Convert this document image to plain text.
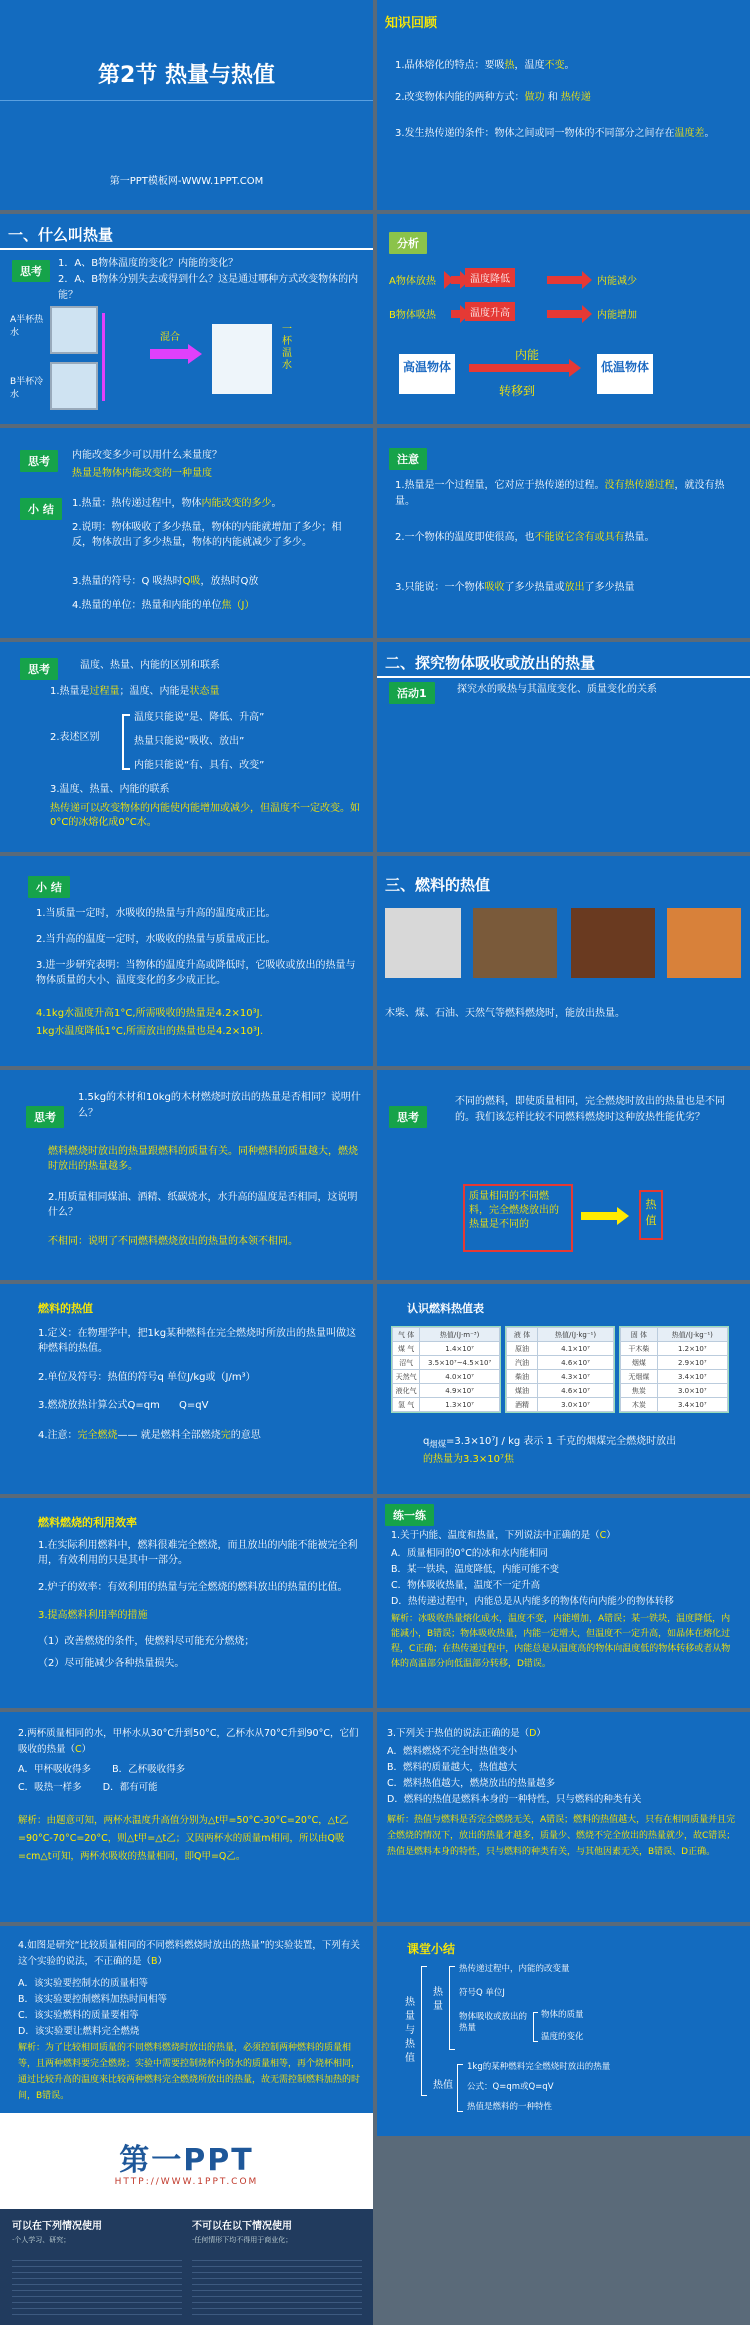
第2节 热量与热值
第一PPT模板网-WWW.1PPT.COM
知识回顾
1.晶体熔化的特点：要吸热，温度不变。
2.改变物体内能的两种方式：做功 和 热传递
3.发生热传递的条件：物体之间或同一物体的不同部分之间存在温度差。
一、什么叫热量
思考
1．A、B物体温度的变化？内能的变化？
2．A、B物体分别失去或得到什么？这是通过哪种方式改变物体的内能？
A半杯热水
B半杯冷水
混合
一杯温水
分析
A物体放热	温度降低	内能减少
B物体吸热	温度升高	内能增加
高温物体
内能
转移到
低温物体
思考	内能改变多少可以用什么来量度？
热量是物体内能改变的一种量度
小 结	1.热量：热传递过程中，物体内能改变的多少。
2.说明：物体吸收了多少热量，物体的内能就增加了多少；相反，物体放出了多少热量，物体的内能就减少了多少。
3.热量的符号：Q 吸热时Q吸，放热时Q放
4.热量的单位：热量和内能的单位焦（J）
注意
1.热量是一个过程量，它对应于热传递的过程。没有热传递过程，就没有热量。
2.一个物体的温度即使很高，也不能说它含有或具有热量。
3.只能说：一个物体吸收了多少热量或放出了多少热量
思考	温度、热量、内能的区别和联系
1.热量是过程量；温度、内能是状态量
2.表述区别
温度只能说“是、降低、升高”
热量只能说“吸收、放出”
内能只能说“有、具有、改变”
3.温度、热量、内能的联系
热传递可以改变物体的内能使内能增加或减少，但温度不一定改变。如0°C的冰熔化成0°C水。
二、探究物体吸收或放出的热量
活动1	探究水的吸热与其温度变化、质量变化的关系
小 结
1.当质量一定时，水吸收的热量与升高的温度成正比。
2.当升高的温度一定时，水吸收的热量与质量成正比。
3.进一步研究表明：当物体的温度升高或降低时，它吸收或放出的热量与物体质量的大小、温度变化的多少成正比。
4.1kg水温度升高1°C,所需吸收的热量是4.2×10³J.
1kg水温度降低1°C,所需放出的热量也是4.2×10³J.
三、燃料的热值
木柴、煤、石油、天然气等燃料燃烧时，能放出热量。
思考
1.5kg的木材和10kg的木材燃烧时放出的热量是否相同？说明什么？
燃料燃烧时放出的热量跟燃料的质量有关。同种燃料的质量越大，燃烧时放出的热量越多。
2.用质量相同煤油、酒精、纸碳烧水，水升高的温度是否相同，这说明什么？
不相同：说明了不同燃料燃烧放出的热量的本领不相同。
思考
不同的燃料，即使质量相同，完全燃烧时放出的热量也是不同的。我们该怎样比较不同燃料燃烧时这种放热性能优劣？
质量相同的不同燃料，完全燃烧放出的热量是不同的
热值
燃料的热值
1.定义：在物理学中，把1kg某种燃料在完全燃烧时所放出的热量叫做这种燃料的热值。
2.单位及符号：热值的符号q 单位J/kg或（J/m³）
3.燃烧放热计算公式Q=qm Q=qV
4.注意：完全燃烧—— 就是燃料全部燃烧完的意思
认识燃料热值表
气 体	热值/(J·m⁻³)
煤 气	1.4×10⁷
沼气	3.5×10⁷~4.5×10⁷
天然气	4.0×10⁷
液化气	4.9×10⁷
氢 气	1.3×10⁷
液 体	热值/(J·kg⁻¹)
原油	4.1×10⁷
汽油	4.6×10⁷
柴油	4.3×10⁷
煤油	4.6×10⁷
酒精	3.0×10⁷
固 体	热值/(J·kg⁻¹)
干木柴	1.2×10⁷
烟煤	2.9×10⁷
无烟煤	3.4×10⁷
焦炭	3.0×10⁷
木炭	3.4×10⁷
$q_{烟煤}=3.3\times 10^7J$ / kg 表示 1 千克的烟煤完全燃烧时放出
的热量为3.3×10⁷焦
燃料燃烧的利用效率
1.在实际利用燃料中，燃料很难完全燃烧，而且放出的内能不能被完全利用，有效利用的只是其中一部分。
2.炉子的效率：有效利用的热量与完全燃烧的燃料放出的热量的比值。
3.提高燃料利用率的措施
（1）改善燃烧的条件，使燃料尽可能充分燃烧；
（2）尽可能减少各种热量损失。
练一练
1.关于内能、温度和热量，下列说法中正确的是（C）
A．质量相同的0°C的冰和水内能相同
B．某一铁块，温度降低，内能可能不变
C．物体吸收热量，温度不一定升高
D．热传递过程中，内能总是从内能多的物体传向内能少的物体转移
解析：冰吸收热量熔化成水，温度不变，内能增加，A错误；某一铁块，温度降低，内能减小，B错误；物体吸收热量，内能一定增大，但温度不一定升高，如晶体在熔化过程，C正确；在热传递过程中，内能总是从温度高的物体向温度低的物体转移或者从物体的高温部分向低温部分转移，D错误。
2.两杯质量相同的水，甲杯水从30°C升到50°C，乙杯水从70°C升到90°C，它们吸收的热量（C）
A．甲杯吸收得多 B．乙杯吸收得多
C．吸热一样多 D．都有可能
解析：由题意可知，两杯水温度升高值分别为△t甲=50°C-30°C=20°C，△t乙=90°C-70°C=20°C，则△t甲=△t乙；又因两杯水的质量m相同，所以由Q吸=cm△t可知，两杯水吸收的热量相同，即Q甲=Q乙。
3.下列关于热值的说法正确的是（D）
A．燃料燃烧不完全时热值变小
B．燃料的质量越大，热值越大
C．燃料热值越大，燃烧放出的热量越多
D．燃料的热值是燃料本身的一种特性，只与燃料的种类有关
解析：热值与燃料是否完全燃烧无关，A错误；燃料的热值越大，只有在相同质量并且完全燃烧的情况下，放出的热量才越多，质量少、燃烧不完全放出的热量就少，故C错误；热值是燃料本身的特性，只与燃料的种类有关，与其他因素无关，B错误、D正确。
4.如图是研究“比较质量相同的不同燃料燃烧时放出的热量”的实验装置，下列有关这个实验的说法，不正确的是（B）
A．该实验要控制水的质量相等
B．该实验要控制燃料加热时间相等
C．该实验燃料的质量要相等
D．该实验要让燃料完全燃烧
解析：为了比较相同质量的不同燃料燃烧时放出的热量，必须控制两种燃料的质量相等，且两种燃料要完全燃烧；实验中需要控制烧杯内的水的质量相等，再个烧杯相同，通过比较升高的温度来比较两种燃料完全燃烧所放出的热量，故无需控制燃料加热的时间，B错误。
课堂小结
热量与热值
热量
热传递过程中，内能的改变量
符号Q 单位J
物体吸收或放出的热量
物体的质量
温度的变化
热值
1kg的某种燃料完全燃烧时放出的热量
公式：Q=qm或Q=qV
热值是燃料的一种特性
第一PPT
HTTP://WWW.1PPT.COM
可以在下列情况使用	不可以在以下情况使用
·个人学习、研究；	·任何情形下均不得用于商业化；
